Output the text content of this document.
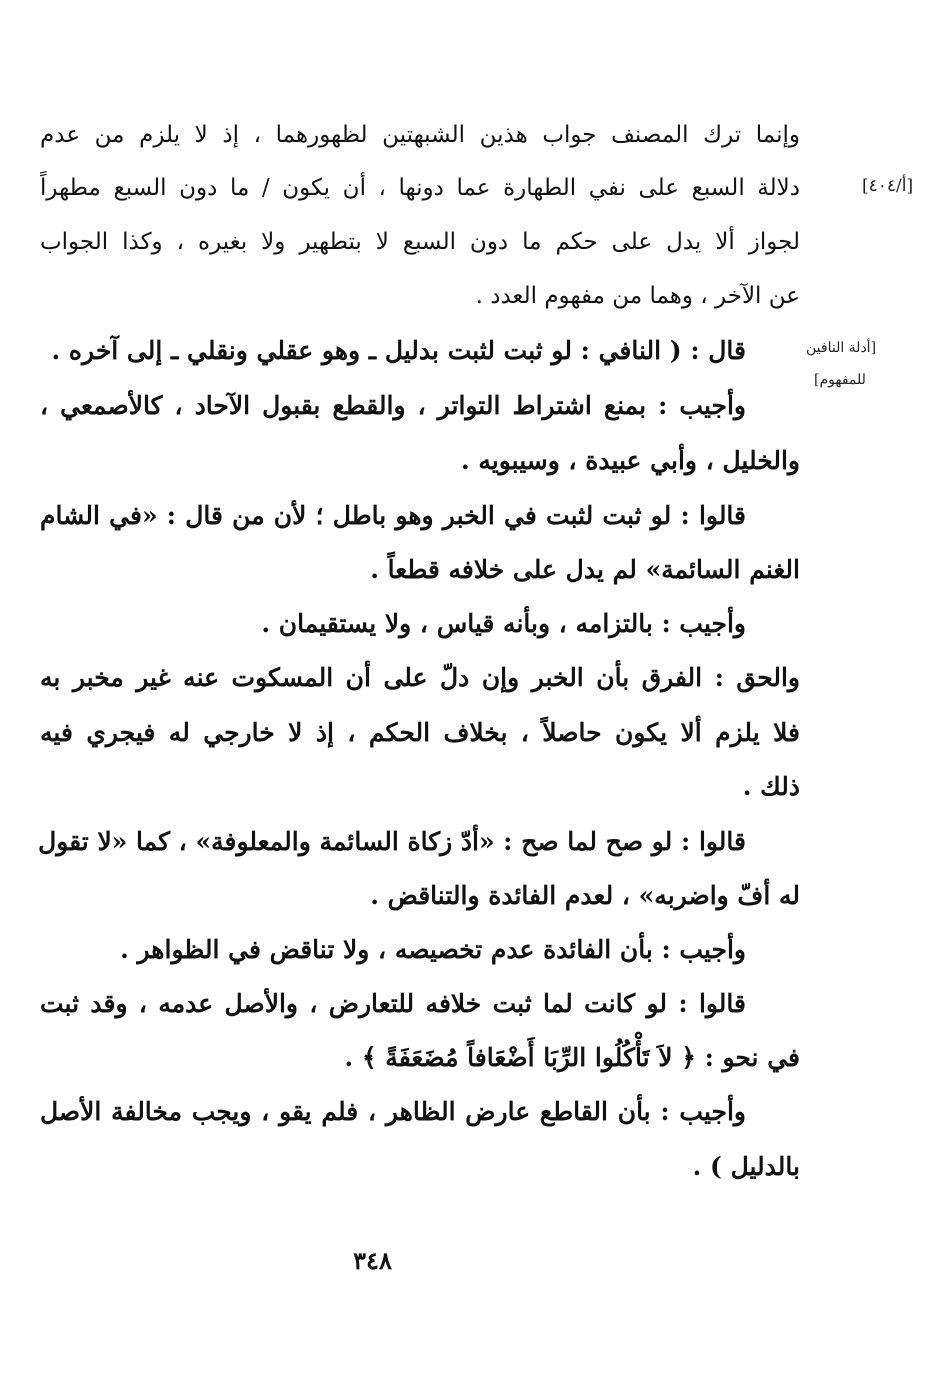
[أ/٤٠٤]
[أدلة النافين
للمفهوم]

وإنما ترك المصنف جواب هذين الشبهتين لظهورهما ، إذ لا يلزم من عدم

دلالة السبع على نفي الطهارة عما دونها ، أن يكون / ما دون السبع مطهراً

لجواز ألا يدل على حكم ما دون السبع لا بتطهير ولا بغيره ، وكذا الجواب

عن الآخر ، وهما من مفهوم العدد .

قال : ( النافي : لو ثبت لثبت بدليل ـ وهو عقلي ونقلي ـ إلى آخره .

وأجيب : بمنع اشتراط التواتر ، والقطع بقبول الآحاد ، كالأصمعي ،

والخليل ، وأبي عبيدة ، وسيبويه .

قالوا : لو ثبت لثبت في الخبر وهو باطل ؛ لأن من قال : «في الشام

الغنم السائمة» لم يدل على خلافه قطعاً .

وأجيب : بالتزامه ، وبأنه قياس ، ولا يستقيمان .

والحق : الفرق بأن الخبر وإن دلّ على أن المسكوت عنه غير مخبر به

فلا يلزم ألا يكون حاصلاً ، بخلاف الحكم ، إذ لا خارجي له فيجري فيه

ذلك .

قالوا : لو صح لما صح : «أدّ زكاة السائمة والمعلوفة» ، كما «لا تقول

له أفّ واضربه» ، لعدم الفائدة والتناقض .

وأجيب : بأن الفائدة عدم تخصيصه ، ولا تناقض في الظواهر .

قالوا : لو كانت لما ثبت خلافه للتعارض ، والأصل عدمه ، وقد ثبت

في نحو : ﴿ لاَ تَأْكُلُوا الرِّبَا أَضْعَافاً مُضَعَفَةً ﴾ .

وأجيب : بأن القاطع عارض الظاهر ، فلم يقو ، ويجب مخالفة الأصل

بالدليل ) .

٣٤٨
